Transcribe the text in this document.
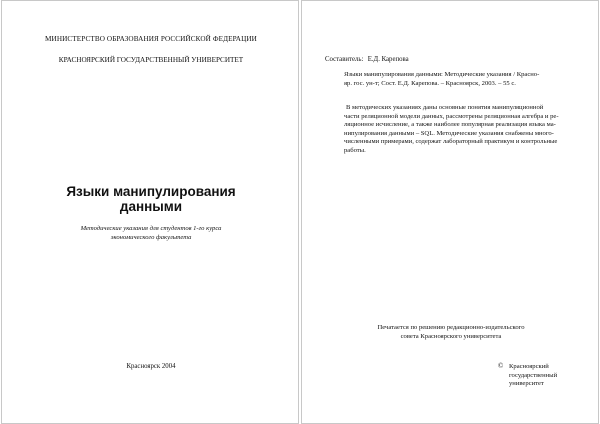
МИНИСТЕРСТВО ОБРАЗОВАНИЯ РОССИЙСКОЙ ФЕДЕРАЦИИ
КРАСНОЯРСКИЙ ГОСУДАРСТВЕННЫЙ УНИВЕРСИТЕТ
Языки манипулирования
данными
Методические указания для студентов 1-го курса
экономического факультета
Красноярск 2004
Составитель: Е.Д. Карепова
Языки манипулирования данными: Методические указания / Красно-
яр. гос. ун-т; Сост. Е.Д. Карепова. – Красноярск, 2003. – 55 с.
В методических указаниях даны основные понятия манипуляционной
части реляционной модели данных, рассмотрены реляционная алгебра и ре-
ляционное исчисление, а также наиболее популярная реализация языка ма-
нипулирования данными – SQL. Методические указания снабжены много-
численными примерами, содержат лабораторный практикум и контрольные
работы.
Печатается по решению редакционно-издательского
совета Красноярского университета
© Красноярский
государственный
университет
